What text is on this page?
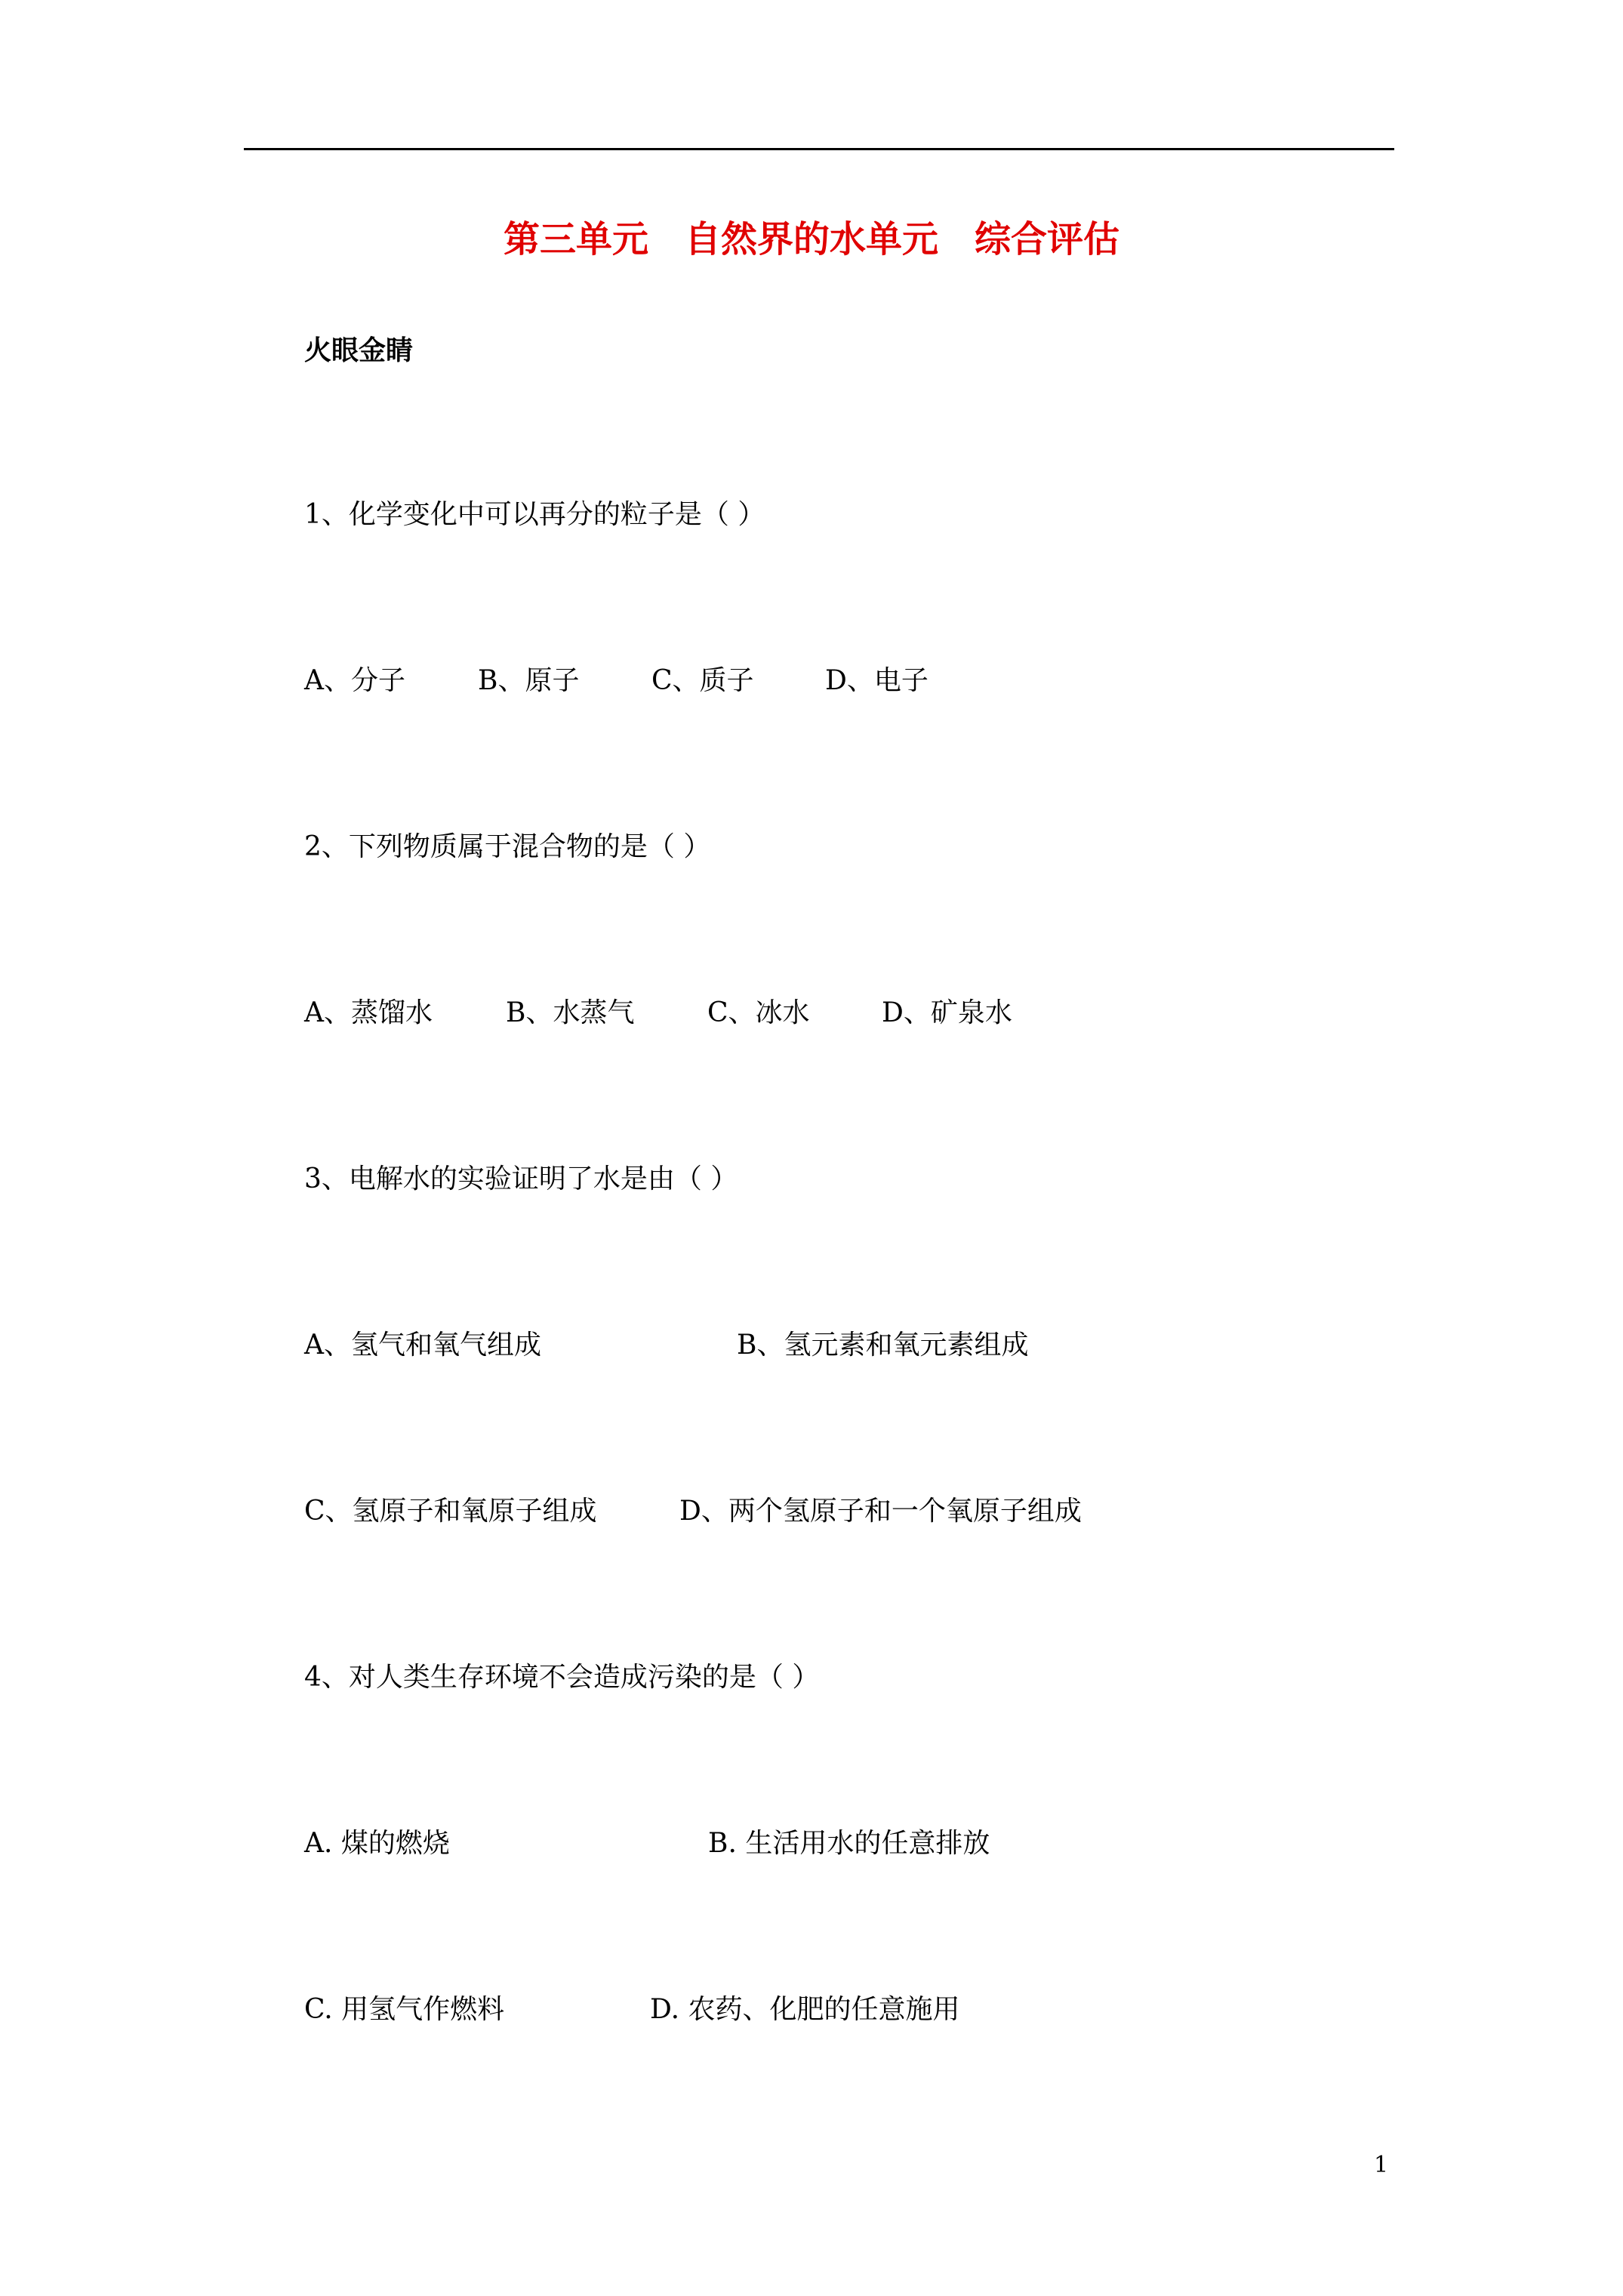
第三单元　自然界的水单元　综合评估
火眼金睛
1、化学变化中可以再分的粒子是（ ）
A、分子	B、原子	C、质子	D、电子
2、下列物质属于混合物的是（ ）
A、蒸馏水	B、水蒸气	C、冰水	D、矿泉水
3、电解水的实验证明了水是由（ ）
A、氢气和氧气组成	B、氢元素和氧元素组成
C、氢原子和氧原子组成	D、两个氢原子和一个氧原子组成
4、对人类生存环境不会造成污染的是（ ）
A. 煤的燃烧	B. 生活用水的任意排放
C. 用氢气作燃料	D. 农药、化肥的任意施用
1
